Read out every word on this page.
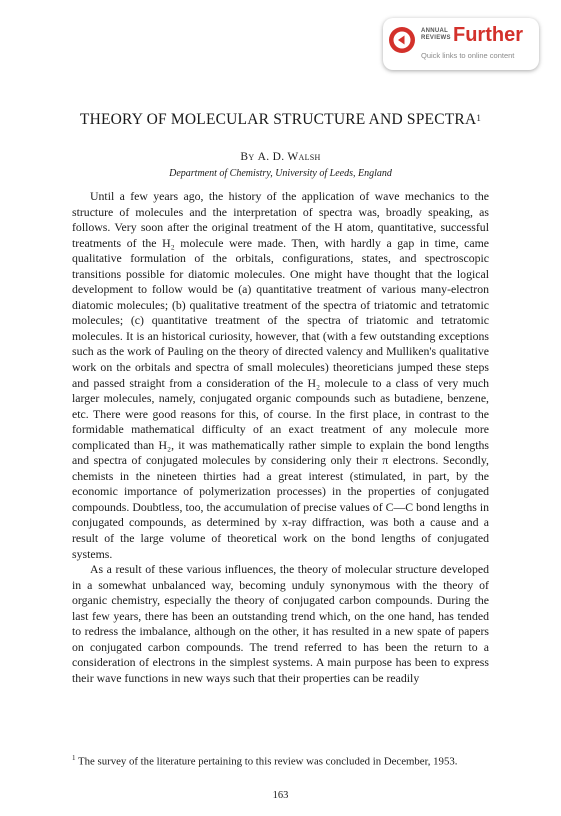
ANNUAL REVIEWS Further
Quick links to online content
THEORY OF MOLECULAR STRUCTURE AND SPECTRA$^1$
By A. D. Walsh
Department of Chemistry, University of Leeds, England

Until a few years ago, the history of the application of wave mechanics to the structure of molecules and the interpretation of spectra was, broadly speaking, as follows. Very soon after the original treatment of the H atom, quantitative, successful treatments of the H₂ molecule were made. Then, with hardly a gap in time, came qualitative formulation of the orbitals, configurations, states, and spectroscopic transitions possible for diatomic molecules. One might have thought that the logical development to follow would be (a) quantitative treatment of various many-electron diatomic molecules; (b) qualitative treatment of the spectra of triatomic and tetratomic molecules; (c) quantitative treatment of the spectra of triatomic and tetratomic molecules. It is an historical curiosity, however, that (with a few outstanding exceptions such as the work of Pauling on the theory of directed valency and Mulliken's qualitative work on the orbitals and spectra of small molecules) theoreticians jumped these steps and passed straight from a consideration of the H₂ molecule to a class of very much larger molecules, namely, conjugated organic compounds such as butadiene, benzene, etc. There were good reasons for this, of course. In the first place, in contrast to the formidable mathematical difficulty of an exact treatment of any molecule more complicated than H₂, it was mathematically rather simple to explain the bond lengths and spectra of conjugated molecules by considering only their π electrons. Secondly, chemists in the nineteen thirties had a great interest (stimulated, in part, by the economic importance of polymerization processes) in the properties of conjugated compounds. Doubtless, too, the accumulation of precise values of C—C bond lengths in conjugated compounds, as determined by x-ray diffraction, was both a cause and a result of the large volume of theoretical work on the bond lengths of conjugated systems.

As a result of these various influences, the theory of molecular structure developed in a somewhat unbalanced way, becoming unduly synonymous with the theory of organic chemistry, especially the theory of conjugated carbon compounds. During the last few years, there has been an outstanding trend which, on the one hand, has tended to redress the imbalance, although on the other, it has resulted in a new spate of papers on conjugated carbon compounds. The trend referred to has been the return to a consideration of electrons in the simplest systems. A main purpose has been to express their wave functions in new ways such that their properties can be readily

$^1$ The survey of the literature pertaining to this review was concluded in December, 1953.
163
